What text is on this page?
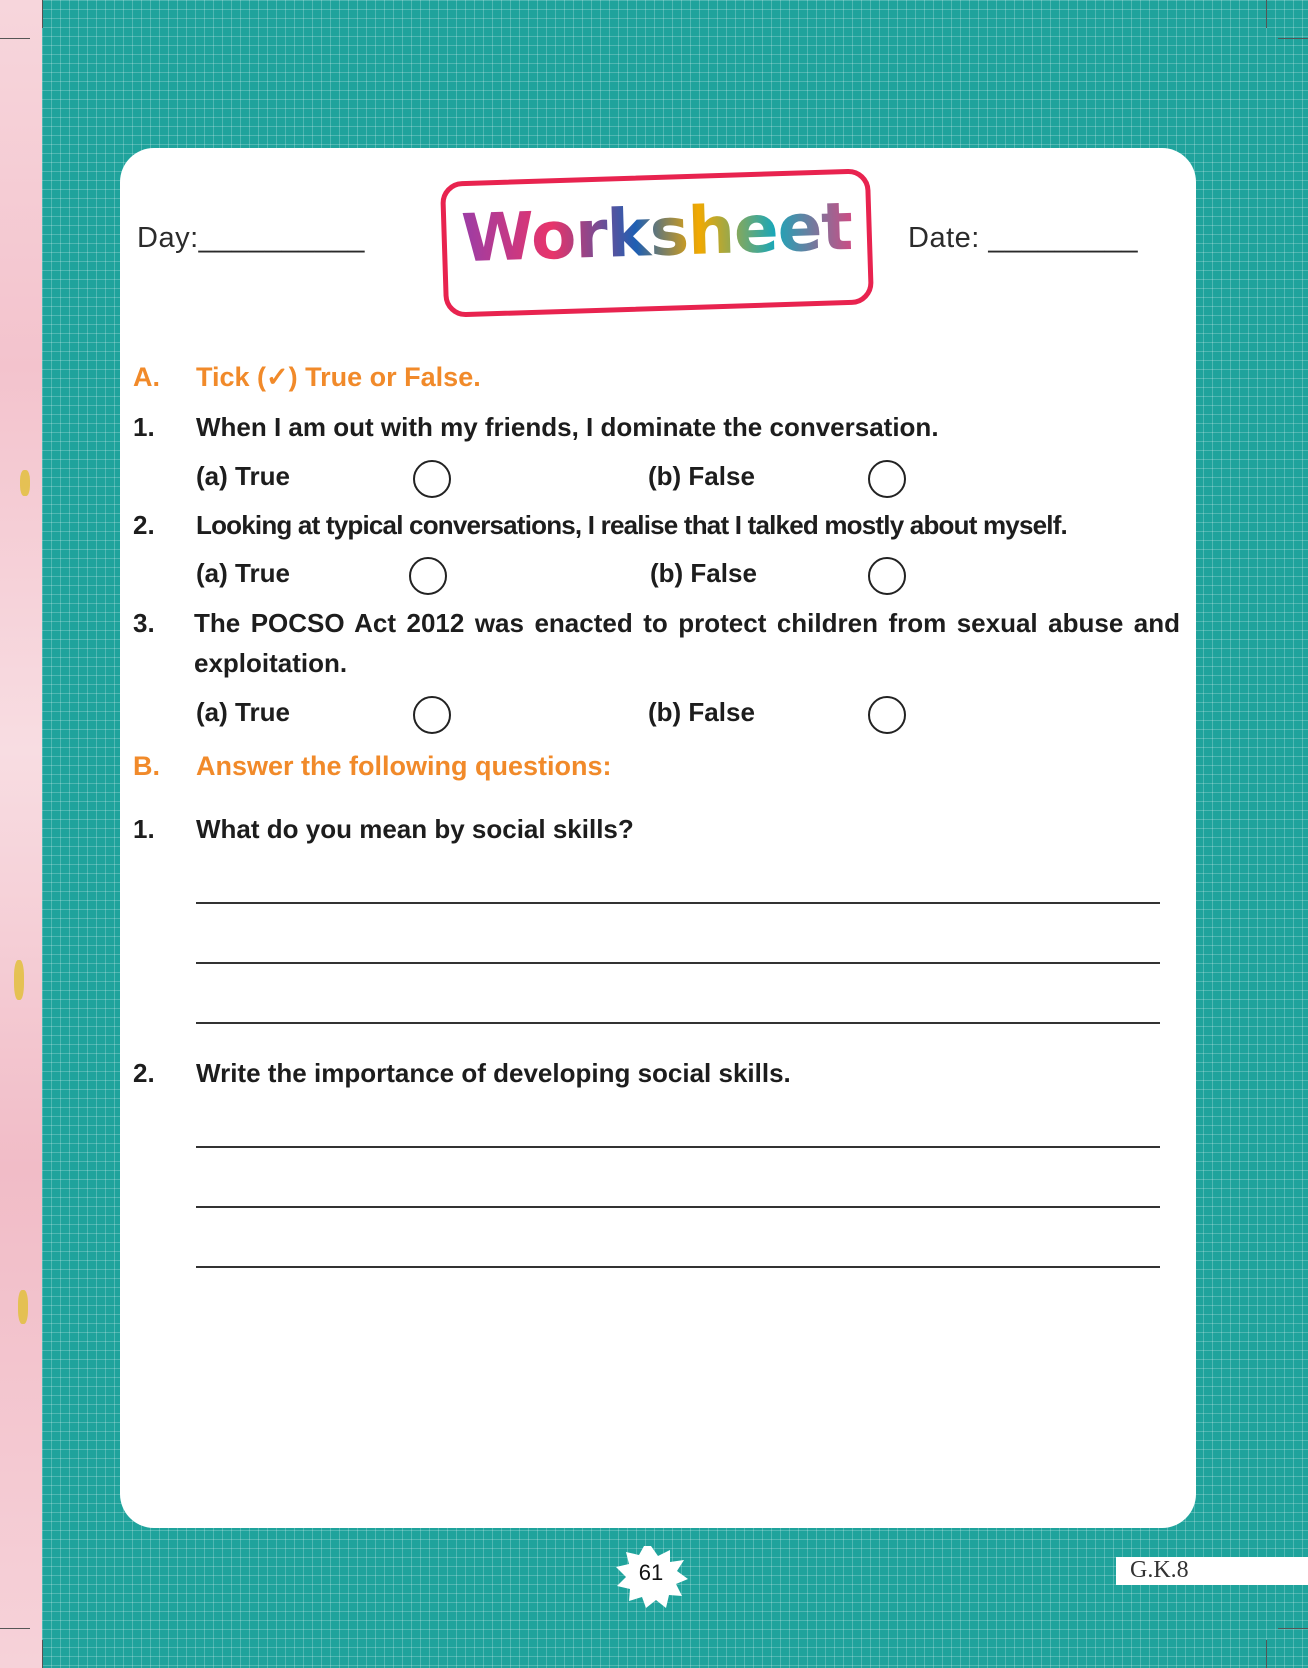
Day:__________ Worksheet	Date: _________
A. Tick (✓) True or False.
1. When I am out with my friends, I dominate the conversation.
(a) True	(b) False
2. Looking at typical conversations, I realise that I talked mostly about myself.
(a) True	(b) False
3. The POCSO Act 2012 was enacted to protect children from sexual abuse and exploitation.
(a) True	(b) False
B. Answer the following questions:
1. What do you mean by social skills?
2. Write the importance of developing social skills.
61	G.K.8
